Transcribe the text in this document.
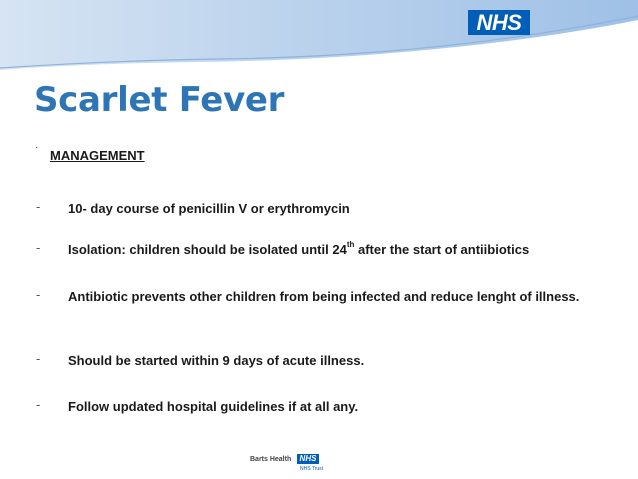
NHS
Scarlet Fever
·
MANAGEMENT
- 10- day course of penicillin V or erythromycin
- Isolation: children should be isolated until 24th after the start of antiibiotics
- Antibiotic prevents other children from being infected and reduce lenght of illness.
- Should be started within 9 days of acute illness.
- Follow updated hospital guidelines if at all any.
Barts Health	NHS
NHS Trust
